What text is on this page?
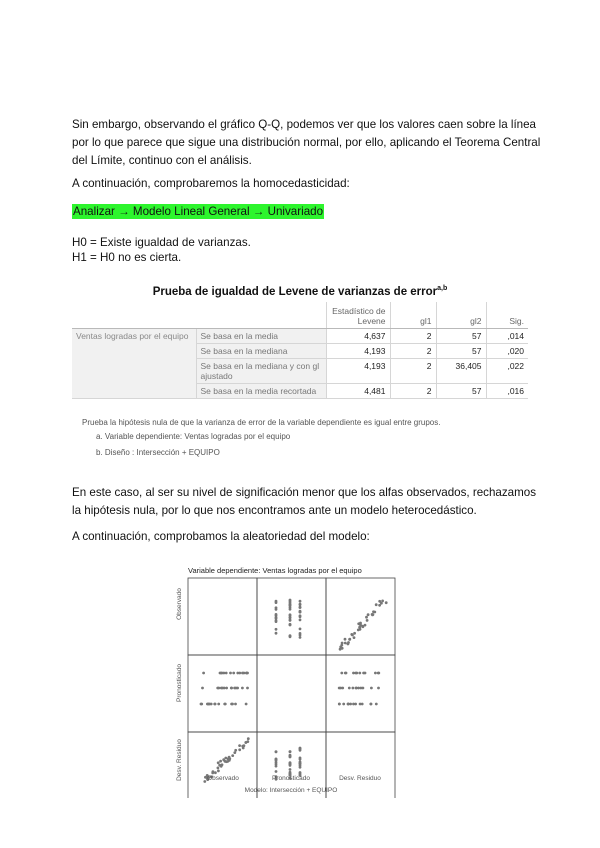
Sin embargo, observando el gráfico Q-Q, podemos ver que los valores caen sobre la línea por lo que parece que sigue una distribución normal, por ello, aplicando el Teorema Central del Límite, continuo con el análisis.

A continuación, comprobaremos la homocedasticidad:

Analizar → Modelo Lineal General → Univariado

H0 = Existe igualdad de varianzas.

H1 = H0 no es cierta.

Prueba de igualdad de Levene de varianzas de error$^{a,b}$
		Estadístico de Levene	gl1	gl2	Sig.
Ventas logradas por el equipo	Se basa en la media	4,637	2	57	,014
	Se basa en la mediana	4,193	2	57	,020
	Se basa en la mediana y con gl ajustado	4,193	2	36,405	,022
	Se basa en la media recortada	4,481	2	57	,016
Prueba la hipótesis nula de que la varianza de error de la variable dependiente es igual entre grupos.
a. Variable dependiente: Ventas logradas por el equipo
b. Diseño : Intersección + EQUIPO

En este caso, al ser su nivel de significación menor que los alfas observados, rechazamos la hipótesis nula, por lo que nos encontramos ante un modelo heterocedástico.

A continuación, comprobamos la aleatoriedad del modelo:

Variable dependiente: Ventas logradas por el equipo
Observado
Pronosticado
Desv. Residuo	Observado	Pronosticado	Desv. Residuo
Modelo: Intersección + EQUIPO
